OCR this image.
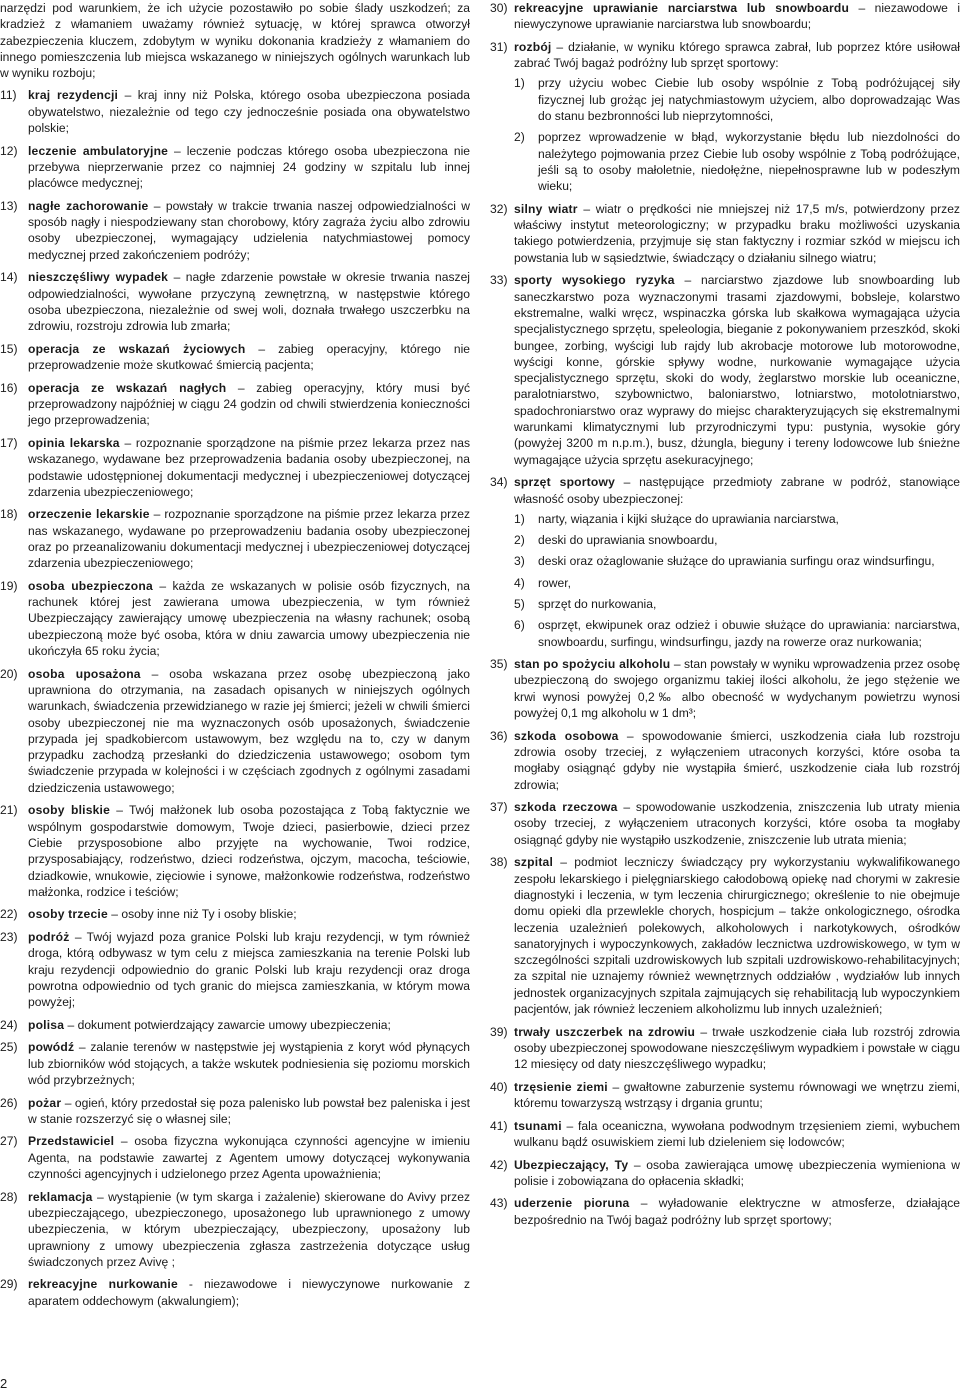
narzędzi pod warunkiem, że ich użycie pozostawiło po sobie ślady uszkodzeń; za kradzież z włamaniem uważamy również sytuację, w której sprawca otworzył zabezpieczenia kluczem, zdobytym w wyniku dokonania kradzieży z włamaniem do innego pomieszczenia lub miejsca wskazanego w niniejszych ogólnych warunkach lub w wyniku rozboju;

11) kraj rezydencji – kraj inny niż Polska, którego osoba ubezpieczona posiada obywatelstwo, niezależnie od tego czy jednocześnie posiada ona obywatelstwo polskie;
12) leczenie ambulatoryjne – leczenie podczas którego osoba ubezpieczona nie przebywa nieprzerwanie przez co najmniej 24 godziny w szpitalu lub innej placówce medycznej;
13) nagłe zachorowanie – powstały w trakcie trwania naszej odpowiedzialności w sposób nagły i niespodziewany stan chorobowy, który zagraża życiu albo zdrowiu osoby ubezpieczonej, wymagający udzielenia natychmiastowej pomocy medycznej przed zakończeniem podróży;
14) nieszczęśliwy wypadek – nagłe zdarzenie powstałe w okresie trwania naszej odpowiedzialności, wywołane przyczyną zewnętrzną, w następstwie którego osoba ubezpieczona, niezależnie od swej woli, doznała trwałego uszczerbku na zdrowiu, rozstroju zdrowia lub zmarła;
15) operacja ze wskazań życiowych – zabieg operacyjny, którego nie przeprowadzenie może skutkować śmiercią pacjenta;
16) operacja ze wskazań nagłych – zabieg operacyjny, który musi być przeprowadzony najpóźniej w ciągu 24 godzin od chwili stwierdzenia konieczności jego przeprowadzenia;
17) opinia lekarska – rozpoznanie sporządzone na piśmie przez lekarza przez nas wskazanego, wydawane bez przeprowadzenia badania osoby ubezpieczonej, na podstawie udostępnionej dokumentacji medycznej i ubezpieczeniowej dotyczącej zdarzenia ubezpieczeniowego;
18) orzeczenie lekarskie – rozpoznanie sporządzone na piśmie przez lekarza przez nas wskazanego, wydawane po przeprowadzeniu badania osoby ubezpieczonej oraz po przeanalizowaniu dokumentacji medycznej i ubezpieczeniowej dotyczącej zdarzenia ubezpieczeniowego;
19) osoba ubezpieczona – każda ze wskazanych w polisie osób fizycznych, na rachunek której jest zawierana umowa ubezpieczenia, w tym również Ubezpieczający zawierający umowę ubezpieczenia na własny rachunek; osobą ubezpieczoną może być osoba, która w dniu zawarcia umowy ubezpieczenia nie ukończyła 65 roku życia;
20) osoba uposażona – osoba wskazana przez osobę ubezpieczoną jako uprawniona do otrzymania, na zasadach opisanych w niniejszych ogólnych warunkach, świadczenia przewidzianego w razie jej śmierci; jeżeli w chwili śmierci osoby ubezpieczonej nie ma wyznaczonych osób uposażonych, świadczenie przypada jej spadkobiercom ustawowym, bez względu na to, czy w danym przypadku zachodzą przesłanki do dziedziczenia ustawowego; osobom tym świadczenie przypada w kolejności i w częściach zgodnych z ogólnymi zasadami dziedziczenia ustawowego;
21) osoby bliskie – Twój małżonek lub osoba pozostająca z Tobą faktycznie we wspólnym gospodarstwie domowym, Twoje dzieci, pasierbowie, dzieci przez Ciebie przysposobione albo przyjęte na wychowanie, Twoi rodzice, przysposabiający, rodzeństwo, dzieci rodzeństwa, ojczym, macocha, teściowie, dziadkowie, wnukowie, zięciowie i synowe, małżonkowie rodzeństwa, rodzeństwo małżonka, rodzice i teściów;
22) osoby trzecie – osoby inne niż Ty i osoby bliskie;
23) podróż – Twój wyjazd poza granice Polski lub kraju rezydencji, w tym również droga, którą odbywasz w tym celu z miejsca zamieszkania na terenie Polski lub kraju rezydencji odpowiednio do granic Polski lub kraju rezydencji oraz droga powrotna odpowiednio od tych granic do miejsca zamieszkania, w którym mowa powyżej;
24) polisa – dokument potwierdzający zawarcie umowy ubezpieczenia;
25) powódź – zalanie terenów w następstwie jej wystąpienia z koryt wód płynących lub zbiorników wód stojących, a także wskutek podniesienia się poziomu morskich wód przybrzeżnych;
26) pożar – ogień, który przedostał się poza palenisko lub powstał bez paleniska i jest w stanie rozszerzyć się o własnej sile;
27) Przedstawiciel – osoba fizyczna wykonująca czynności agencyjne w imieniu Agenta, na podstawie zawartej z Agentem umowy dotyczącej wykonywania czynności agencyjnych i udzielonego przez Agenta upoważnienia;
28) reklamacja – wystąpienie (w tym skarga i zażalenie) skierowane do Avivy przez ubezpieczającego, ubezpieczonego, uposażonego lub uprawnionego z umowy ubezpieczenia, w którym ubezpieczający, ubezpieczony, uposażony lub uprawniony z umowy ubezpieczenia zgłasza zastrzeżenia dotyczące usług świadczonych przez Avivę ;
29) rekreacyjne nurkowanie - niezawodowe i niewyczynowe nurkowanie z aparatem oddechowym (akwalungiem);
30) rekreacyjne uprawianie narciarstwa lub snowboardu – niezawodowe i niewyczynowe uprawianie narciarstwa lub snowboardu;
31) rozbój – działanie, w wyniku którego sprawca zabrał, lub poprzez które usiłował zabrać Twój bagaż podróżny lub sprzęt sportowy:
1) przy użyciu wobec Ciebie lub osoby wspólnie z Tobą podróżującej siły fizycznej lub grożąc jej natychmiastowym użyciem, albo doprowadzając Was do stanu bezbronności lub nieprzytomności,
2) poprzez wprowadzenie w błąd, wykorzystanie błędu lub niezdolności do należytego pojmowania przez Ciebie lub osoby wspólnie z Tobą podróżujące, jeśli są to osoby małoletnie, niedołężne, niepełnosprawne lub w podeszłym wieku;
32) silny wiatr – wiatr o prędkości nie mniejszej niż 17,5 m/s, potwierdzony przez właściwy instytut meteorologiczny; w przypadku braku możliwości uzyskania takiego potwierdzenia, przyjmuje się stan faktyczny i rozmiar szkód w miejscu ich powstania lub w sąsiedztwie, świadczący o działaniu silnego wiatru;
33) sporty wysokiego ryzyka – narciarstwo zjazdowe lub snowboarding lub saneczkarstwo poza wyznaczonymi trasami zjazdowymi, bobsleje, kolarstwo ekstremalne, walki wręcz, wspinaczka górska lub skałkowa wymagająca użycia specjalistycznego sprzętu, speleologia, bieganie z pokonywaniem przeszkód, skoki bungee, zorbing, wyścigi lub rajdy lub akrobacje motorowe lub motorowodne, wyścigi konne, górskie spływy wodne, nurkowanie wymagające użycia specjalistycznego sprzętu, skoki do wody, żeglarstwo morskie lub oceaniczne, paralotniarstwo, szybownictwo, baloniarstwo, lotniarstwo, motolotniarstwo, spadochroniarstwo oraz wyprawy do miejsc charakteryzujących się ekstremalnymi warunkami klimatycznymi lub przyrodniczymi typu: pustynia, wysokie góry (powyżej 3200 m n.p.m.), busz, dżungla, bieguny i tereny lodowcowe lub śnieżne wymagające użycia sprzętu asekuracyjnego;
34) sprzęt sportowy – następujące przedmioty zabrane w podróż, stanowiące własność osoby ubezpieczonej:
1) narty, wiązania i kijki służące do uprawiania narciarstwa,
2) deski do uprawiania snowboardu,
3) deski oraz ożaglowanie służące do uprawiania surfingu oraz windsurfingu,
4) rower,
5) sprzęt do nurkowania,
6) osprzęt, ekwipunek oraz odzież i obuwie służące do uprawiania: narciarstwa, snowboardu, surfingu, windsurfingu, jazdy na rowerze oraz nurkowania;
35) stan po spożyciu alkoholu – stan powstały w wyniku wprowadzenia przez osobę ubezpieczoną do swojego organizmu takiej ilości alkoholu, że jego stężenie we krwi wynosi powyżej 0,2‰ albo obecność w wydychanym powietrzu wynosi powyżej 0,1 mg alkoholu w 1 dm³;
36) szkoda osobowa – spowodowanie śmierci, uszkodzenia ciała lub rozstroju zdrowia osoby trzeciej, z wyłączeniem utraconych korzyści, które osoba ta mogłaby osiągnąć gdyby nie wystąpiła śmierć, uszkodzenie ciała lub rozstrój zdrowia;
37) szkoda rzeczowa – spowodowanie uszkodzenia, zniszczenia lub utraty mienia osoby trzeciej, z wyłączeniem utraconych korzyści, które osoba ta mogłaby osiągnąć gdyby nie wystąpiło uszkodzenie, zniszczenie lub utrata mienia;
38) szpital – podmiot leczniczy świadczący pry wykorzystaniu wykwalifikowanego zespołu lekarskiego i pielęgniarskiego całodobową opiekę nad chorymi w zakresie diagnostyki i leczenia, w tym leczenia chirurgicznego; określenie to nie obejmuje domu opieki dla przewlekle chorych, hospicjum – także onkologicznego, ośrodka leczenia uzależnień polekowych, alkoholowych i narkotykowych, ośrodków sanatoryjnych i wypoczynkowych, zakładów lecznictwa uzdrowiskowego, w tym w szczególności szpitali uzdrowiskowych lub szpitali uzdrowiskowo-rehabilitacyjnych; za szpital nie uznajemy również wewnętrznych oddziałów , wydziałów lub innych jednostek organizacyjnych szpitala zajmujących się rehabilitacją lub wypoczynkiem pacjentów, jak również leczeniem alkoholizmu lub innych uzależnień;
39) trwały uszczerbek na zdrowiu – trwałe uszkodzenie ciała lub rozstrój zdrowia osoby ubezpieczonej spowodowane nieszczęśliwym wypadkiem i powstałe w ciągu 12 miesięcy od daty nieszczęśliwego wypadku;
40) trzęsienie ziemi – gwałtowne zaburzenie systemu równowagi we wnętrzu ziemi, któremu towarzyszą wstrząsy i drgania gruntu;
41) tsunami – fala oceaniczna, wywołana podwodnym trzęsieniem ziemi, wybuchem wulkanu bądź osuwiskiem ziemi lub dzieleniem się lodowców;
42) Ubezpieczający, Ty – osoba zawierająca umowę ubezpieczenia wymieniona w polisie i zobowiązana do opłacenia składki;
43) uderzenie pioruna – wyładowanie elektryczne w atmosferze, działające bezpośrednio na Twój bagaż podróżny lub sprzęt sportowy;
2
